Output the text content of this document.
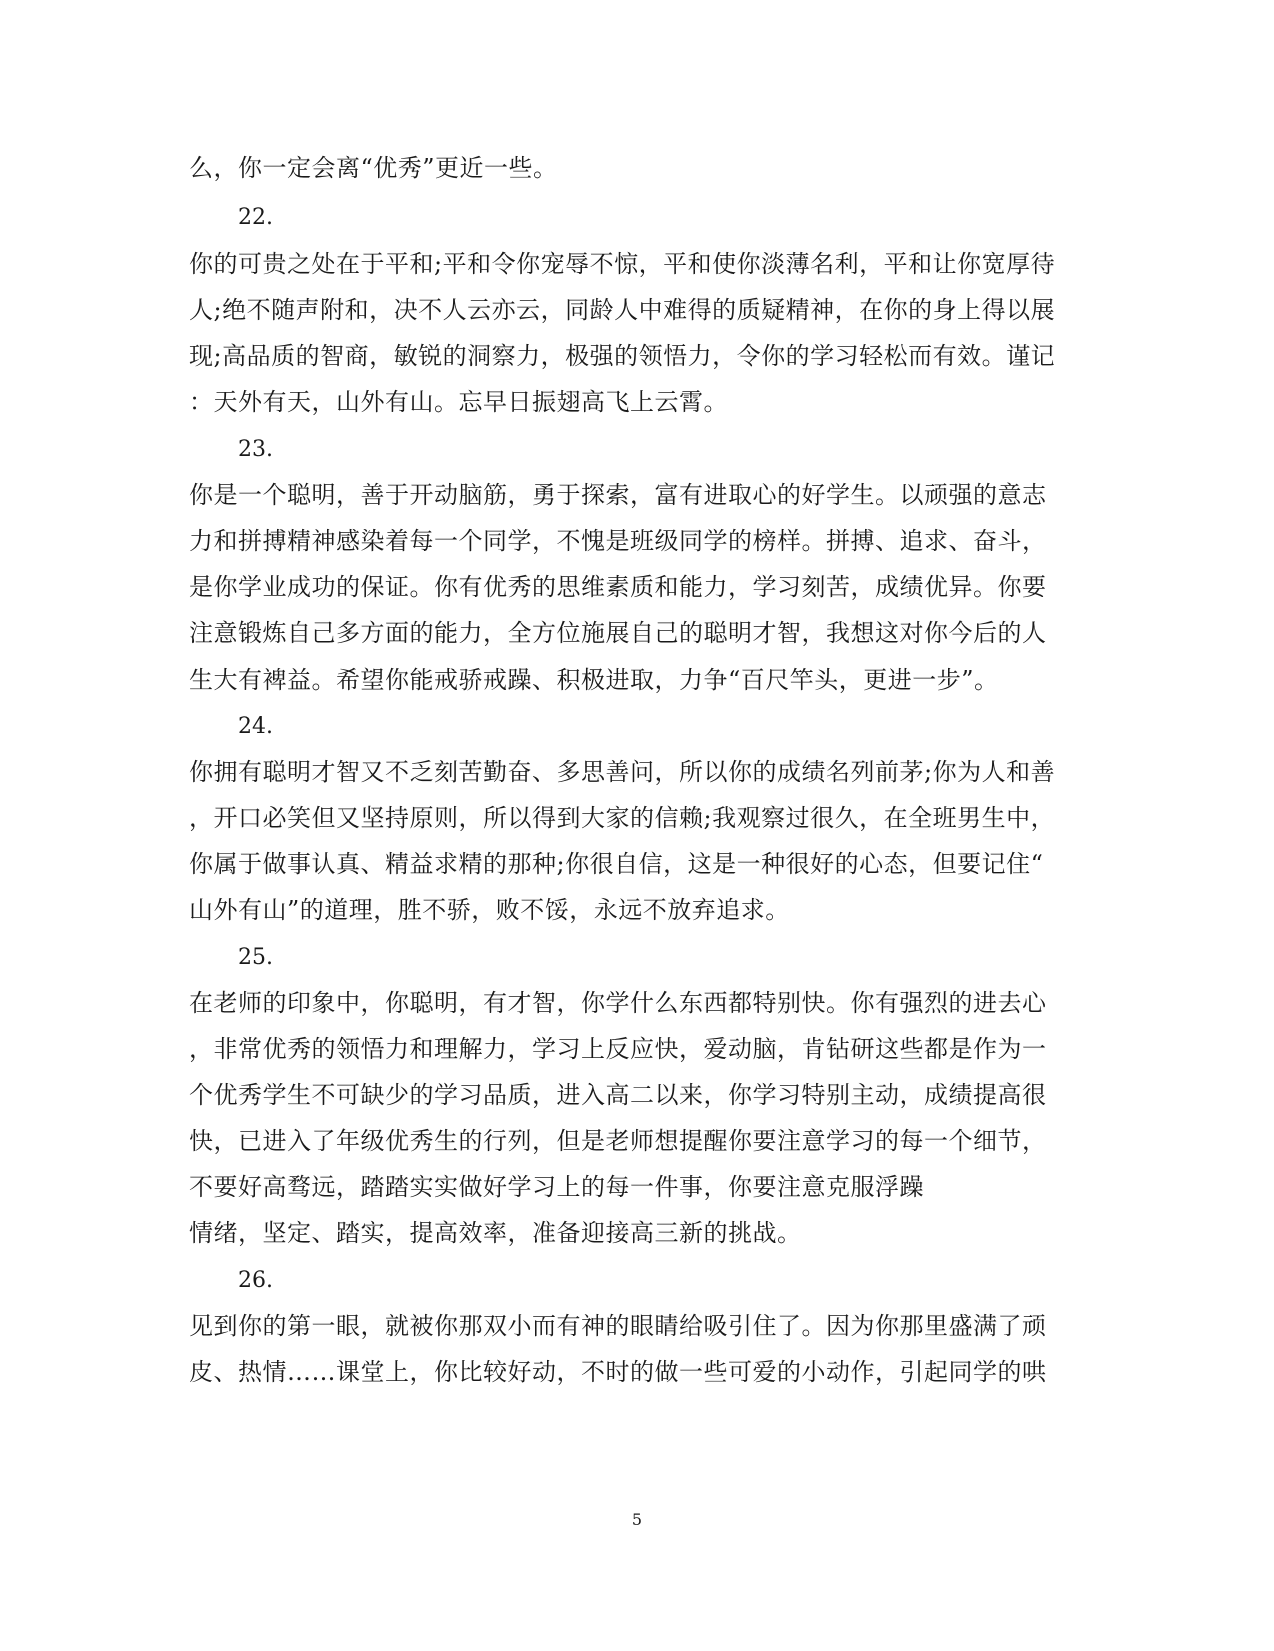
么，你一定会离“优秀”更近一些。
22.
你的可贵之处在于平和;平和令你宠辱不惊，平和使你淡薄名利，平和让你宽厚待
人;绝不随声附和，决不人云亦云，同龄人中难得的质疑精神，在你的身上得以展
现;高品质的智商，敏锐的洞察力，极强的领悟力，令你的学习轻松而有效。谨记
：天外有天，山外有山。忘早日振翅高飞上云霄。
23.
你是一个聪明，善于开动脑筋，勇于探索，富有进取心的好学生。以顽强的意志
力和拼搏精神感染着每一个同学，不愧是班级同学的榜样。拼搏、追求、奋斗，
是你学业成功的保证。你有优秀的思维素质和能力，学习刻苦，成绩优异。你要
注意锻炼自己多方面的能力，全方位施展自己的聪明才智，我想这对你今后的人
生大有裨益。希望你能戒骄戒躁、积极进取，力争“百尺竿头，更进一步”。
24.
你拥有聪明才智又不乏刻苦勤奋、多思善问，所以你的成绩名列前茅;你为人和善
，开口必笑但又坚持原则，所以得到大家的信赖;我观察过很久，在全班男生中，
你属于做事认真、精益求精的那种;你很自信，这是一种很好的心态，但要记住“
山外有山”的道理，胜不骄，败不馁，永远不放弃追求。
25.
在老师的印象中，你聪明，有才智，你学什么东西都特别快。你有强烈的进去心
，非常优秀的领悟力和理解力，学习上反应快，爱动脑，肯钻研这些都是作为一
个优秀学生不可缺少的学习品质，进入高二以来，你学习特别主动，成绩提高很
快，已进入了年级优秀生的行列，但是老师想提醒你要注意学习的每一个细节，
不要好高骛远，踏踏实实做好学习上的每一件事，你要注意克服浮躁
情绪，坚定、踏实，提高效率，准备迎接高三新的挑战。
26.
见到你的第一眼，就被你那双小而有神的眼睛给吸引住了。因为你那里盛满了顽
皮、热情……课堂上，你比较好动，不时的做一些可爱的小动作，引起同学的哄
5
